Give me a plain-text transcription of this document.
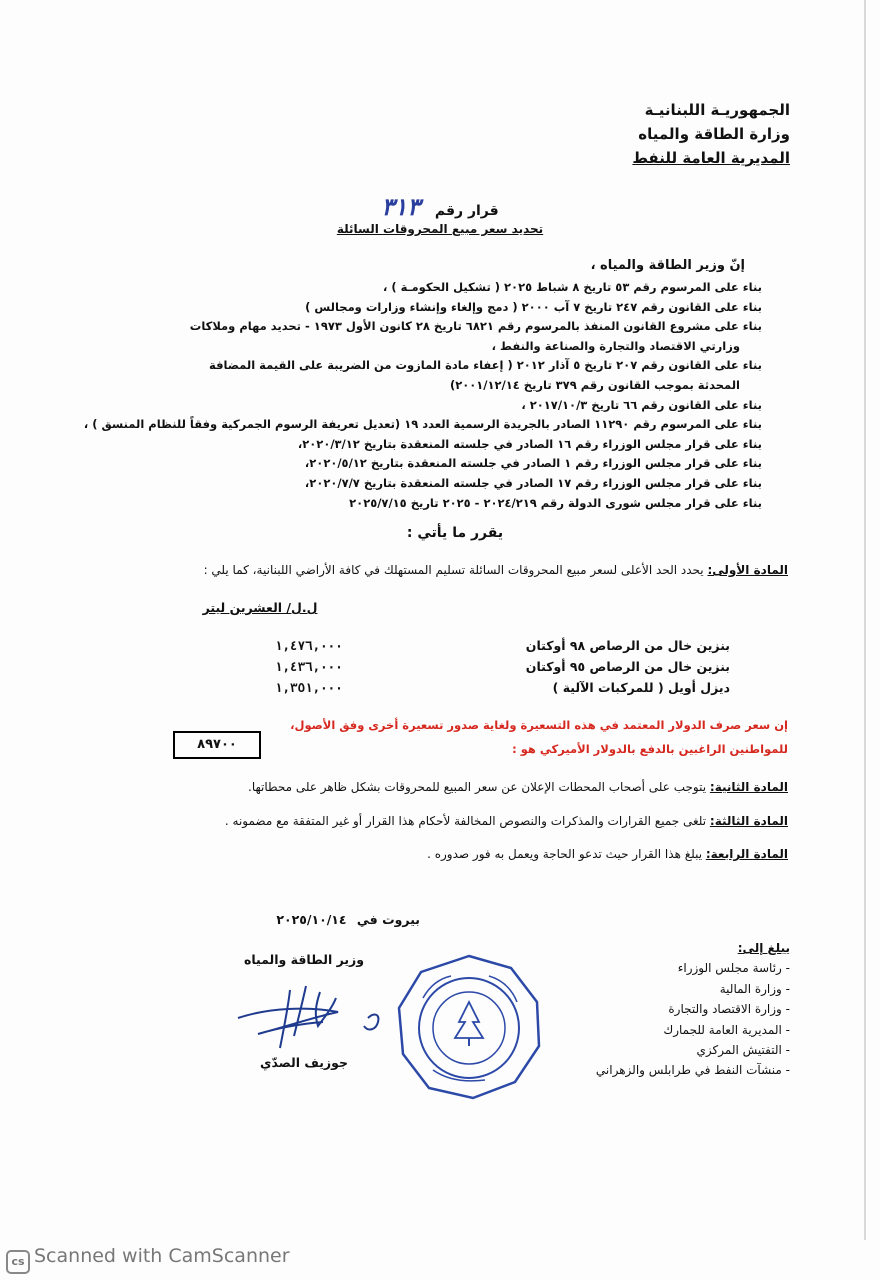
الجمهوريـة اللبنانيـة
وزارة الطاقة والمياه
المديرية العامة للنفط
قرار رقم ٣١٣
تحديد سعر مبيع المحروقات السائلة
إنّ وزير الطاقة والمياه ،
بناء على المرسوم رقم ٥٣ تاريخ ٨ شباط ٢٠٢٥ ( تشكيل الحكومـة ) ،
بناء على القانون رقم ٢٤٧ تاريخ ٧ آب ٢٠٠٠ ( دمج وإلغاء وإنشاء وزارات ومجالس )
بناء على مشروع القانون المنفذ بالمرسوم رقم ٦٨٢١ تاريخ ٢٨ كانون الأول ١٩٧٣ - تحديد مهام وملاكات
وزارتي الاقتصاد والتجارة والصناعة والنفط ،
بناء على القانون رقم ٢٠٧ تاريخ ٥ آذار ٢٠١٢ ( إعفاء مادة المازوت من الضريبة على القيمة المضافة
المحدثة بموجب القانون رقم ٣٧٩ تاريخ ٢٠٠١/١٢/١٤)
بناء على القانون رقم ٦٦ تاريخ ٢٠١٧/١٠/٣ ،
بناء على المرسوم رقم ١١٢٩٠ الصادر بالجريدة الرسمية العدد ١٩ (تعديل تعريفة الرسوم الجمركية وفقاً للنظام المنسق ) ،
بناء على قرار مجلس الوزراء رقم ١٦ الصادر في جلسته المنعقدة بتاريخ ٢٠٢٠/٣/١٢،
بناء على قرار مجلس الوزراء رقم ١ الصادر في جلسته المنعقدة بتاريخ ٢٠٢٠/٥/١٢،
بناء على قرار مجلس الوزراء رقم ١٧ الصادر في جلسته المنعقدة بتاريخ ٢٠٢٠/٧/٧،
بناء على قرار مجلس شورى الدولة رقم ٢٠٢٤/٢١٩ - ٢٠٢٥ تاريخ ٢٠٢٥/٧/١٥
يقرر ما يأتي :
المادة الأولى: يحدد الحد الأعلى لسعر مبيع المحروقات السائلة تسليم المستهلك في كافة الأراضي اللبنانية، كما يلي :
ل.ل/ العشرين ليتر
بنزين خال من الرصاص ٩٨ أوكتان
١,٤٧٦,٠٠٠
بنزين خال من الرصاص ٩٥ أوكتان
١,٤٣٦,٠٠٠
ديزل أويل ( للمركبات الآلية )
١,٣٥١,٠٠٠
إن سعر صرف الدولار المعتمد في هذه التسعيرة ولغاية صدور تسعيرة أخرى وفق الأصول،
للمواطنين الراغبين بالدفع بالدولار الأميركي هو :
٨٩٧٠٠
المادة الثانية: يتوجب على أصحاب المحطات الإعلان عن سعر المبيع للمحروقات بشكل ظاهر على محطاتها.
المادة الثالثة: تلغى جميع القرارات والمذكرات والنصوص المخالفة لأحكام هذا القرار أو غير المتفقة مع مضمونه .
المادة الرابعة: يبلغ هذا القرار حيث تدعو الحاجة ويعمل به فور صدوره .
بيروت في ٢٠٢٥/١٠/١٤
يبلغ إلى:
- رئاسة مجلس الوزراء
- وزارة المالية
- وزارة الاقتصاد والتجارة
- المديرية العامة للجمارك
- التفتيش المركزي
- منشآت النفط في طرابلس والزهراني
وزير الطاقة والمياه
جوزيف الصدّي
cs Scanned with CamScanner
